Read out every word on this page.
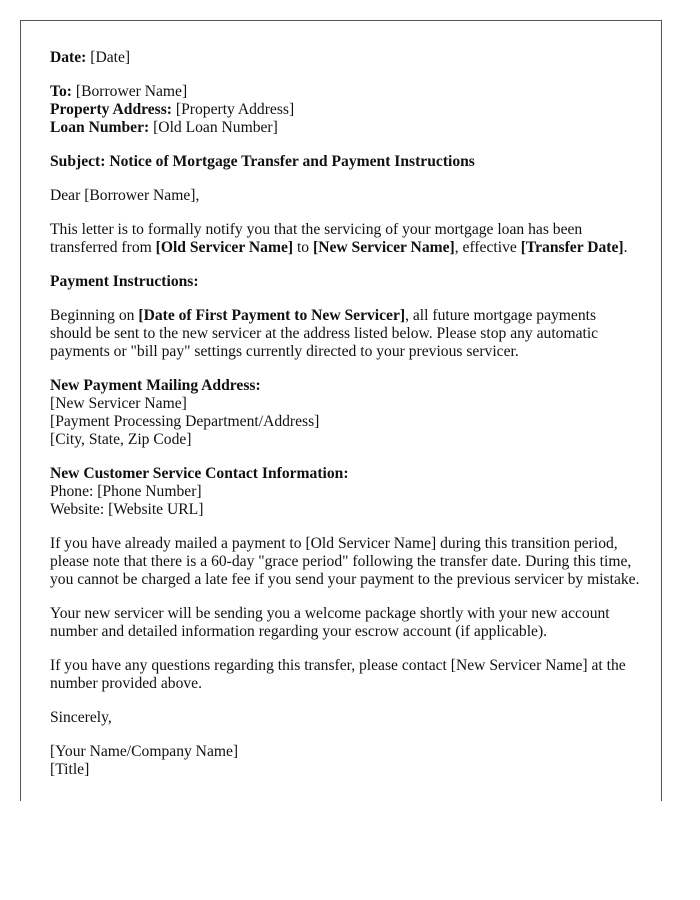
Date: [Date]

To: [Borrower Name]
Property Address: [Property Address]
Loan Number: [Old Loan Number]

Subject: Notice of Mortgage Transfer and Payment Instructions

Dear [Borrower Name],

This letter is to formally notify you that the servicing of your mortgage loan has been transferred from [Old Servicer Name] to [New Servicer Name], effective [Transfer Date].

Payment Instructions:

Beginning on [Date of First Payment to New Servicer], all future mortgage payments should be sent to the new servicer at the address listed below. Please stop any automatic payments or "bill pay" settings currently directed to your previous servicer.

New Payment Mailing Address:
[New Servicer Name]
[Payment Processing Department/Address]
[City, State, Zip Code]

New Customer Service Contact Information:
Phone: [Phone Number]
Website: [Website URL]

If you have already mailed a payment to [Old Servicer Name] during this transition period, please note that there is a 60-day "grace period" following the transfer date. During this time, you cannot be charged a late fee if you send your payment to the previous servicer by mistake.

Your new servicer will be sending you a welcome package shortly with your new account number and detailed information regarding your escrow account (if applicable).

If you have any questions regarding this transfer, please contact [New Servicer Name] at the number provided above.

Sincerely,

[Your Name/Company Name]
[Title]
